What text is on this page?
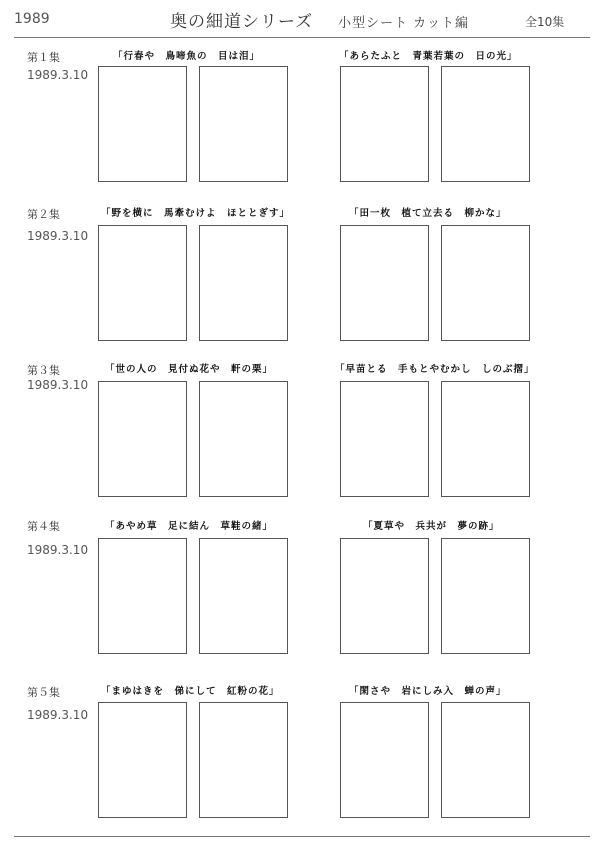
1989	奥の細道シリーズ 小型シート カット編	全10集
第１集
1989.3.10
「行春や　鳥啼魚の　目は泪」	「あらたふと　青葉若葉の　日の光」
第２集
1989.3.10
「野を横に　馬牽むけよ　ほととぎす」	「田一枚　植て立去る　柳かな」
第３集
1989.3.10
「世の人の　見付ぬ花や　軒の栗」	「早苗とる　手もとやむかし　しのぶ摺」
第４集
1989.3.10
「あやめ草　足に結ん　草鞋の緒」	「夏草や　兵共が　夢の跡」
第５集
1989.3.10
「まゆはきを　俤にして　紅粉の花」	「閑さや　岩にしみ入　蝉の声」
